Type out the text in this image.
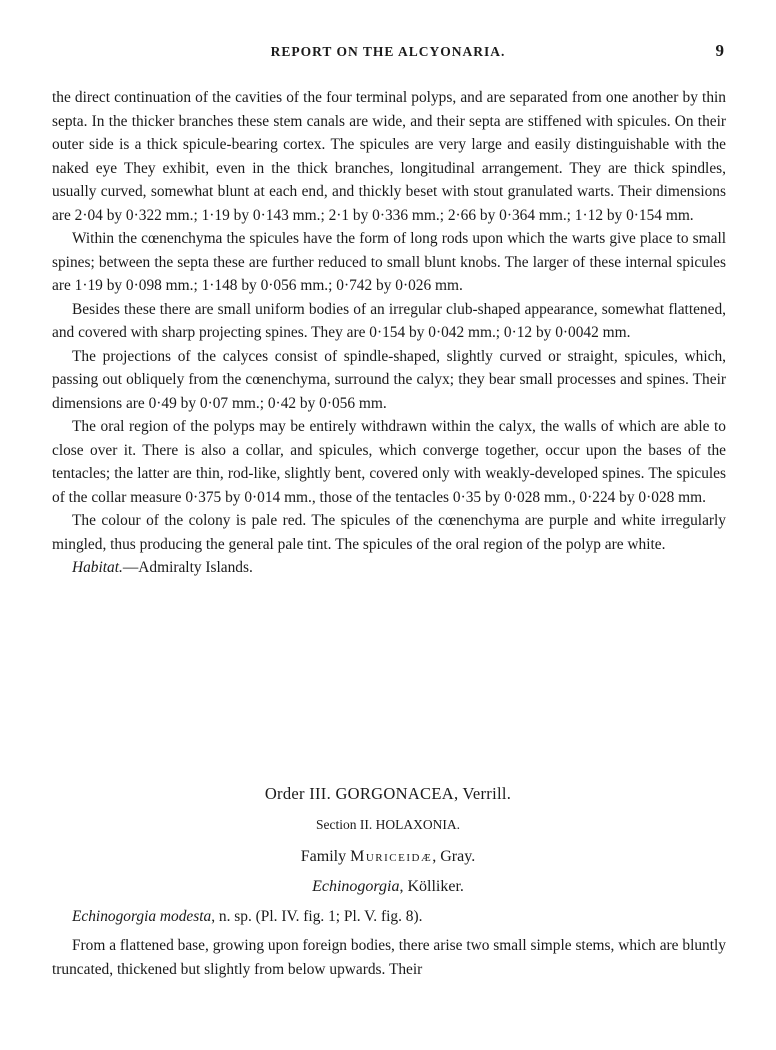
REPORT ON THE ALCYONARIA.	9

the direct continuation of the cavities of the four terminal polyps, and are separated from one another by thin septa. In the thicker branches these stem canals are wide, and their septa are stiffened with spicules. On their outer side is a thick spicule-bearing cortex. The spicules are very large and easily distinguishable with the naked eye They exhibit, even in the thick branches, longitudinal arrangement. They are thick spindles, usually curved, somewhat blunt at each end, and thickly beset with stout granulated warts. Their dimensions are 2·04 by 0·322 mm.; 1·19 by 0·143 mm.; 2·1 by 0·336 mm.; 2·66 by 0·364 mm.; 1·12 by 0·154 mm.

Within the cœnenchyma the spicules have the form of long rods upon which the warts give place to small spines; between the septa these are further reduced to small blunt knobs. The larger of these internal spicules are 1·19 by 0·098 mm.; 1·148 by 0·056 mm.; 0·742 by 0·026 mm.

Besides these there are small uniform bodies of an irregular club-shaped appearance, somewhat flattened, and covered with sharp projecting spines. They are 0·154 by 0·042 mm.; 0·12 by 0·0042 mm.

The projections of the calyces consist of spindle-shaped, slightly curved or straight, spicules, which, passing out obliquely from the cœnenchyma, surround the calyx; they bear small processes and spines. Their dimensions are 0·49 by 0·07 mm.; 0·42 by 0·056 mm.

The oral region of the polyps may be entirely withdrawn within the calyx, the walls of which are able to close over it. There is also a collar, and spicules, which converge together, occur upon the bases of the tentacles; the latter are thin, rod-like, slightly bent, covered only with weakly-developed spines. The spicules of the collar measure 0·375 by 0·014 mm., those of the tentacles 0·35 by 0·028 mm., 0·224 by 0·028 mm.

The colour of the colony is pale red. The spicules of the cœnenchyma are purple and white irregularly mingled, thus producing the general pale tint. The spicules of the oral region of the polyp are white.

Habitat.—Admiralty Islands.

Order III. GORGONACEA, Verrill.
Section II. HOLAXONIA.
Family Muriceidæ, Gray.
Echinogorgia, Kölliker.
Echinogorgia modesta, n. sp. (Pl. IV. fig. 1; Pl. V. fig. 8).

From a flattened base, growing upon foreign bodies, there arise two small simple stems, which are bluntly truncated, thickened but slightly from below upwards. Their
